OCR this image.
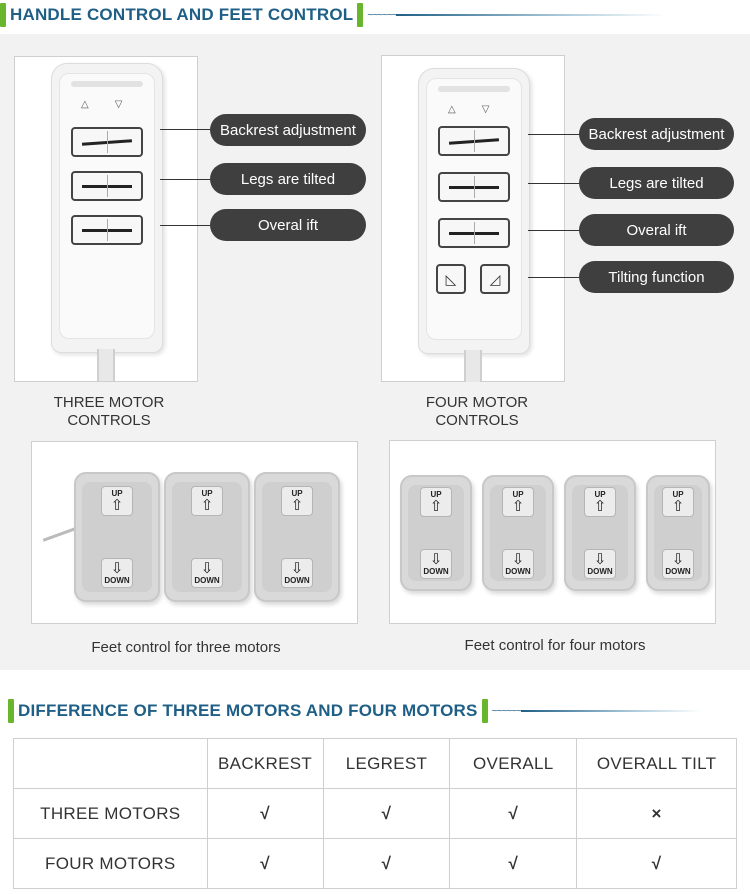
HANDLE CONTROL AND FEET CONTROL	~~~~~~
△	▽
Backrest adjustment
Legs are tilted
Overal ift
THREE MOTOR
CONTROLS
△	▽
◺	◿
Backrest adjustment
Legs are tilted
Overal ift
Tilting function
FOUR MOTOR
CONTROLS
UP
⇧
⇩
DOWN
UP
⇧
⇩
DOWN
UP
⇧
⇩
DOWN
Feet control for three motors
UP
⇧
⇩
DOWN
UP
⇧
⇩
DOWN
UP
⇧
⇩
DOWN
UP
⇧
⇩
DOWN
Feet control for four motors
DIFFERENCE OF THREE MOTORS AND FOUR MOTORS	~~~~~~
	BACKREST	LEGREST	OVERALL	OVERALL TILT
THREE MOTORS	√	√	√	×
FOUR MOTORS	√	√	√	√
